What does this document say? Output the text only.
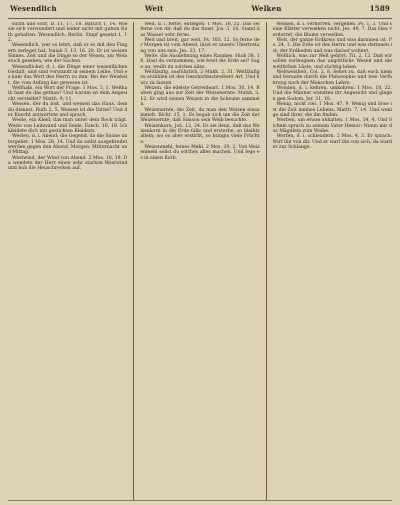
Wesendlich	Weit	Welken	1589

sucht und sollt, D. 11. 17. 18. Baruch 1, 14. Wie sie sich verwundert und leider nicht mit gutem Rath gehalten. Wesendlich. Berlin. Stapf gesetzt 1, 12.

Wesendlich, wer es lehrt, daß er es mit den Fingern zerleget hat. Isaiah 3, 13. 16. 28. Er ist weisen Sinnes. Zeit und die Dinge so der Wesen, am Weinstock gesehen, wie der Sachen.

Wesendlicher, d. i. die Dinge einer wesentlichen Gestalt; und sind verwandt in seinem Leibe. Und es kam das Wort des Herrn zu ihm. Bei der Weisheit, die vom Anfang her gewesen ist.

Weßhalb, ein Wort der Frage. 1 Mos. 3, 1. Weßhalb hast du das gethan? Und warum ist dein Angesicht verstellet? Matth. 9, 11.

Wessen, der du bist, und wessen das Haus, dem du dienest. Ruth 2, 5. Wessen ist die Dirne? Und der Knecht antwortete und sprach.

Weste, ein Kleid, das man unter dem Rock trägt. Weste von Leinwand und Seide. Ezech. 16, 10. Ich kleidete dich mit gestickten Kleidern.

Westen, d. i. Abend; die Gegend, da die Sonne untergehet. 1 Mos. 28, 14. Und du sollst ausgebreitet werden gegen den Abend, Morgen, Mitternacht und Mittag.

Westwind, der Wind von Abend. 2 Mos. 10, 19. Da wendete der Herr einen sehr starken Westwind und hub die Heuschrecken auf.

Weit, d. i. ferne, entlegen. 1 Mos. 18, 25. Das sei ferne von dir, daß du das thust. Jos. 3, 16. Stand das Wasser sehr ferne.

Weit und breit, gar weit. Ps. 103, 12. So ferne der Morgen ist vom Abend, lässt er unsere Übertretung von uns sein. Jes. 33, 17.

Weite, die Ausdehnung eines Raumes. Hiob 38, 18. Hast du vernommen, wie breit die Erde sei? Sage an, weißt du solches alles.

Weitläufig, ausführlich. 2 Makk. 2, 31. Weitläufig zu erzählen ist des Geschichtschreibers Art. Und kurz zu fassen.

Weizen, die edelste Getreideart. 1 Mos. 30, 14. Ruben ging aus zur Zeit der Weizenernte. Matth. 3, 12. Er wird seinen Weizen in die Scheune sammeln.

Weizenernte, die Zeit, da man den Weizen einsammelt. Richt. 15, 1. Es begab sich um die Zeit der Weizenernte, daß Simson sein Weib besuchte.

Weizenkorn, Joh. 12, 24. Es sei denn, daß das Weizenkorn in die Erde falle und ersterbe, so bleibts allein; wo es aber erstirbt, so bringts viele Früchte.

Weizenmehl, feines Mehl. 2 Mos. 29, 2. Von Weizenmehl sollst du solches alles machen. Und lege es in einen Korb.

Welken, d. i. verdorren, vergehen. Ps. 1, 3. Und seine Blätter verwelken nicht. Jes. 40, 7. Das Heu verdorret, die Blume verwelket.

Welt, der ganze Erdkreis und was darinnen ist. Ps. 24, 1. Die Erde ist des Herrn und was darinnen ist; der Erdboden und was darauf wohnet.

Weltlich, was zur Welt gehört. Tit. 2, 12. Daß wir sollen verleugnen das ungöttliche Wesen und die weltlichen Lüste, und züchtig leben.

Weltweisheit, Col. 2, 8. Sehet zu, daß euch niemand beraube durch die Philosophie und lose Verführung nach der Menschen Lehre.

Wenden, d. i. kehren, umkehren. 1 Mos. 18, 22. Und die Männer wandten ihr Angesicht und gingen gen Sodom. Jer. 31, 18.

Wenig, nicht viel. 1 Mos. 47, 9. Wenig und böse ist die Zeit meines Lebens. Matth. 7, 14. Und wenige sind ihrer, die ihn finden.

Werben, um etwas anhalten. 1 Mos. 34, 4. Und Sichem sprach zu seinem Vater Hemor: Nimm mir das Mägdlein zum Weibe.

Werfen, d. i. schleudern. 2 Mos. 4, 3. Er sprach: Wirf ihn von dir. Und er warf ihn von sich; da ward er zur Schlange.
